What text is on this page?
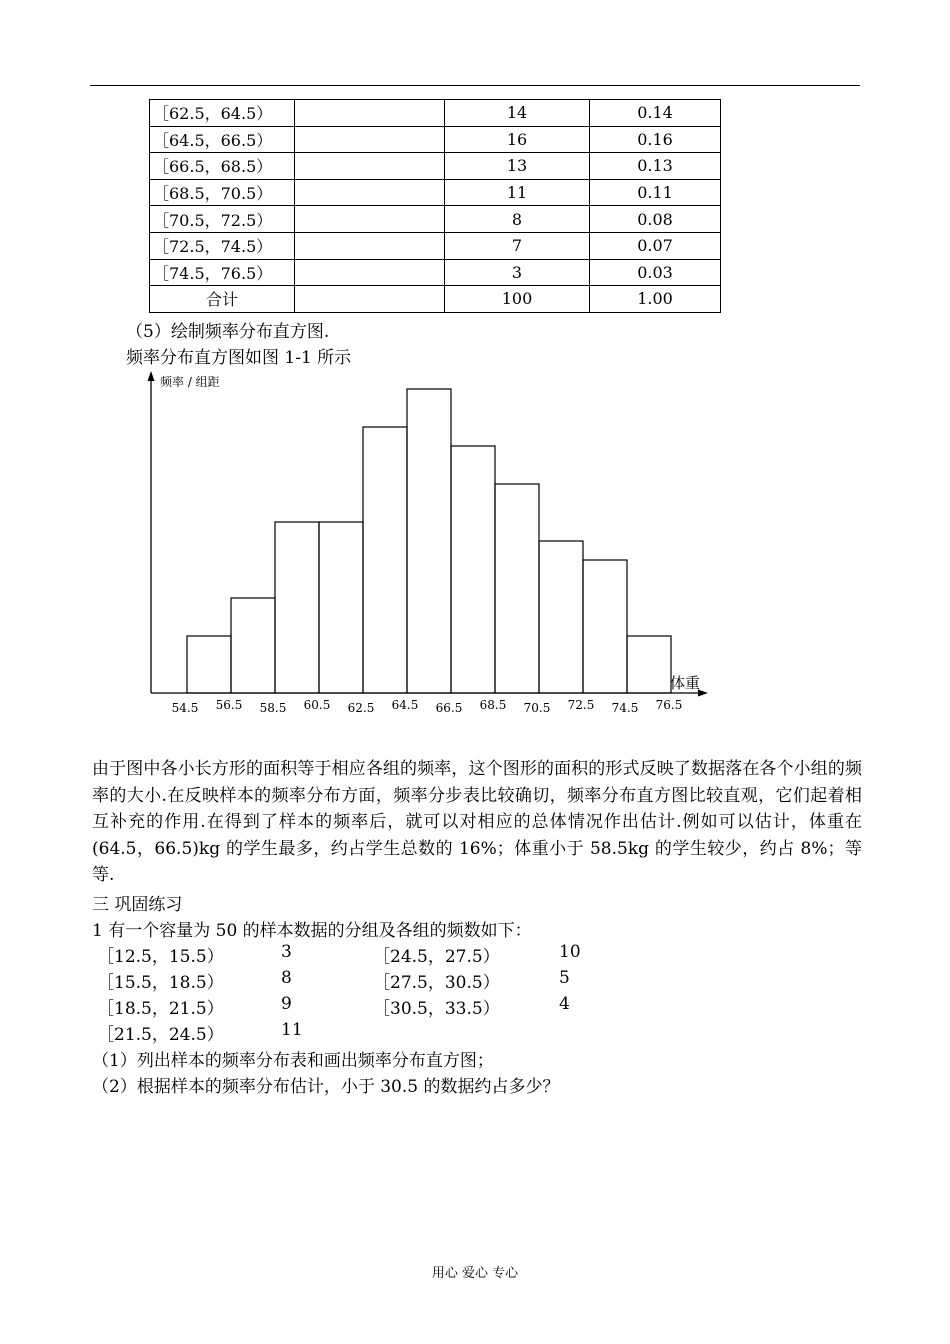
［62.5，64.5）		14	0.14
［64.5，66.5）		16	0.16
［66.5，68.5）		13	0.13
［68.5，70.5）		11	0.11
［70.5，72.5）		8	0.08
［72.5，74.5）		7	0.07
［74.5，76.5）		3	0.03
合计		100	1.00
（5）绘制频率分布直方图.
频率分布直方图如图 1-1 所示
频率 / 组距
体重
54.5 56.5 58.5 60.5 62.5 64.5 66.5 68.5 70.5 72.5 74.5 76.5
由于图中各小长方形的面积等于相应各组的频率，这个图形的面积的形式反映了数据落在各个小组的频率的大小.在反映样本的频率分布方面，频率分步表比较确切，频率分布直方图比较直观，它们起着相互补充的作用.在得到了样本的频率后，就可以对相应的总体情况作出估计.例如可以估计，体重在(64.5，66.5)kg 的学生最多，约占学生总数的 16%；体重小于 58.5kg 的学生较少，约占 8%；等等.
三 巩固练习
1 有一个容量为 50 的样本数据的分组及各组的频数如下：
［12.5，15.5）	3	［24.5，27.5）	10
［15.5，18.5）	8	［27.5，30.5）	5
［18.5，21.5）	9	［30.5，33.5）	4
［21.5，24.5）	11
（1）列出样本的频率分布表和画出频率分布直方图；
（2）根据样本的频率分布估计，小于 30.5 的数据约占多少？
用心 爱心 专心
